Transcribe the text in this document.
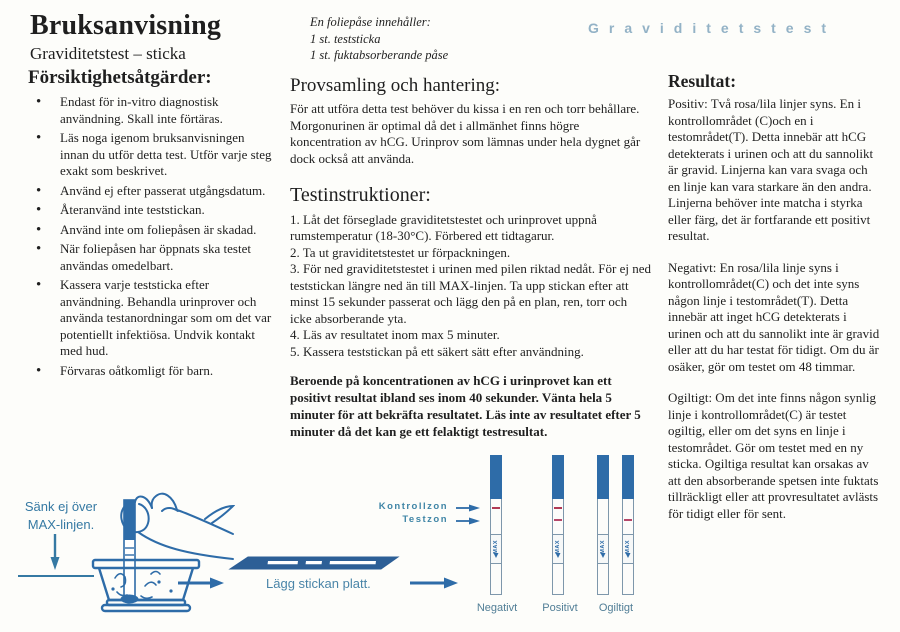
Bruksanvisning
Graviditetstest – sticka
En foliepåse innehåller:
1 st. teststicka
1 st. fuktabsorberande påse
Graviditetstest
Försiktighetsåtgärder:
• Endast för in-vitro diagnostisk användning. Skall inte förtäras.
• Läs noga igenom bruksanvisningen innan du utför detta test. Utför varje steg exakt som beskrivet.
• Använd ej efter passerat utgångsdatum.
• Återanvänd inte teststickan.
• Använd inte om foliepåsen är skadad.
• När foliepåsen har öppnats ska testet användas omedelbart.
• Kassera varje teststicka efter användning. Behandla urinprover och använda testanordningar som om det var potentiellt infektiösa. Undvik kontakt med hud.
• Förvaras oåtkomligt för barn.
Provsamling och hantering:

För att utföra detta test behöver du kissa i en ren och torr behållare. Morgonurinen är optimal då det i allmänhet finns högre koncentration av hCG. Urinprov som lämnas under hela dygnet går dock också att använda.

Testinstruktioner:

1. Låt det förseglade graviditetstestet och urinprovet uppnå rumstemperatur (18-30°C). Förbered ett tidtagarur.

2. Ta ut graviditetstestet ur förpackningen.

3. För ned graviditetstestet i urinen med pilen riktad nedåt. För ej ned teststickan längre ned än till MAX-linjen. Ta upp stickan efter att minst 15 sekunder passerat och lägg den på en plan, ren, torr och icke absorberande yta.

4. Läs av resultatet inom max 5 minuter.

5. Kassera teststickan på ett säkert sätt efter användning.

Beroende på koncentrationen av hCG i urinprovet kan ett positivt resultat ibland ses inom 40 sekunder. Vänta hela 5 minuter för att bekräfta resultatet. Läs inte av resultatet efter 5 minuter då det kan ge ett felaktigt testresultat.

Resultat:

Positiv: Två rosa/lila linjer syns. En i kontrollområdet (C)och en i testområdet(T). Detta innebär att hCG detekterats i urinen och att du sannolikt är gravid. Linjerna kan vara svaga och en linje kan vara starkare än den andra. Linjerna behöver inte matcha i styrka eller färg, det är fortfarande ett positivt resultat.

Negativt: En rosa/lila linje syns i kontrollområdet(C) och det inte syns någon linje i testområdet(T). Detta innebär att inget hCG detekterats i urinen och att du sannolikt inte är gravid eller att du har testat för tidigt. Om du är osäker, gör om testet om 48 timmar.

Ogiltigt: Om det inte finns någon synlig linje i kontrollområdet(C) är testet ogiltig, eller om det syns en linje i testområdet. Gör om testet med en ny sticka. Ogiltiga resultat kan orsakas av att den absorberande spetsen inte fuktats tillräckligt eller att provresultatet avlästs för tidigt eller för sent.

Sänk ej över
MAX-linjen.
Lägg stickan platt.
Kontrollzon
Testzon
MAX	MAX	MAX	MAX
Negativt	Positivt	Ogiltigt
